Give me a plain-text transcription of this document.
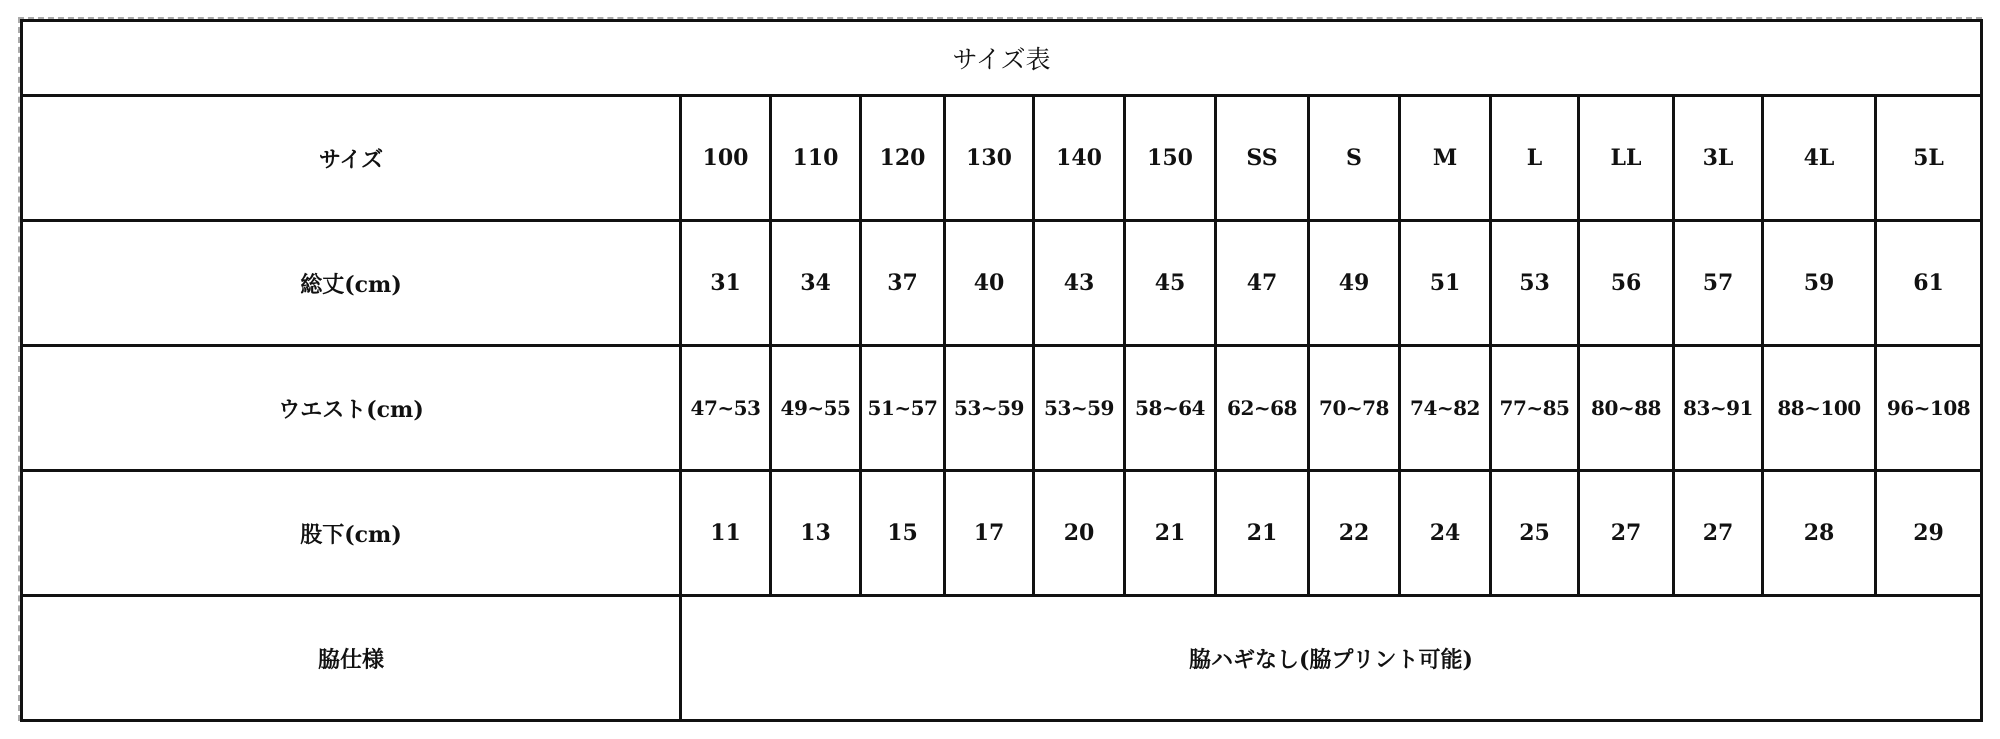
サイズ表														
サイズ	100	110	120	130	140	150	SS	S	M	L	LL	3L	4L	5L
総丈(cm)	31	34	37	40	43	45	47	49	51	53	56	57	59	61
ウエスト(cm)	47~53	49~55	51~57	53~59	53~59	58~64	62~68	70~78	74~82	77~85	80~88	83~91	88~100	96~108
股下(cm)	11	13	15	17	20	21	21	22	24	25	27	27	28	29
脇仕様	脇ハギなし(脇プリント可能)													
